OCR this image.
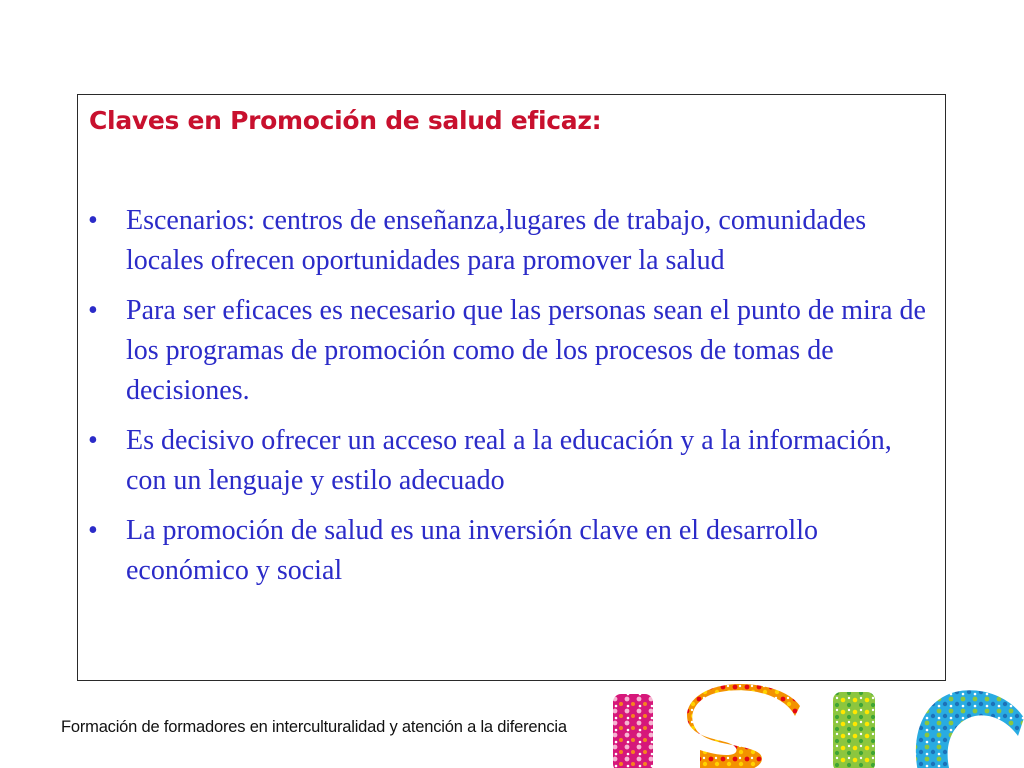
Claves en Promoción de salud eficaz:
•	Escenarios: centros de enseñanza,lugares de trabajo, comunidades locales ofrecen oportunidades para promover la salud
•	Para ser eficaces es necesario que las personas sean el punto de mira de los programas de promoción como de los procesos de tomas de decisiones.
•	Es decisivo ofrecer un acceso real a la educación y a la información, con un lenguaje y estilo adecuado
•	La promoción de salud es una inversión clave en el desarrollo económico y social
Formación de formadores en interculturalidad y atención a la diferencia
